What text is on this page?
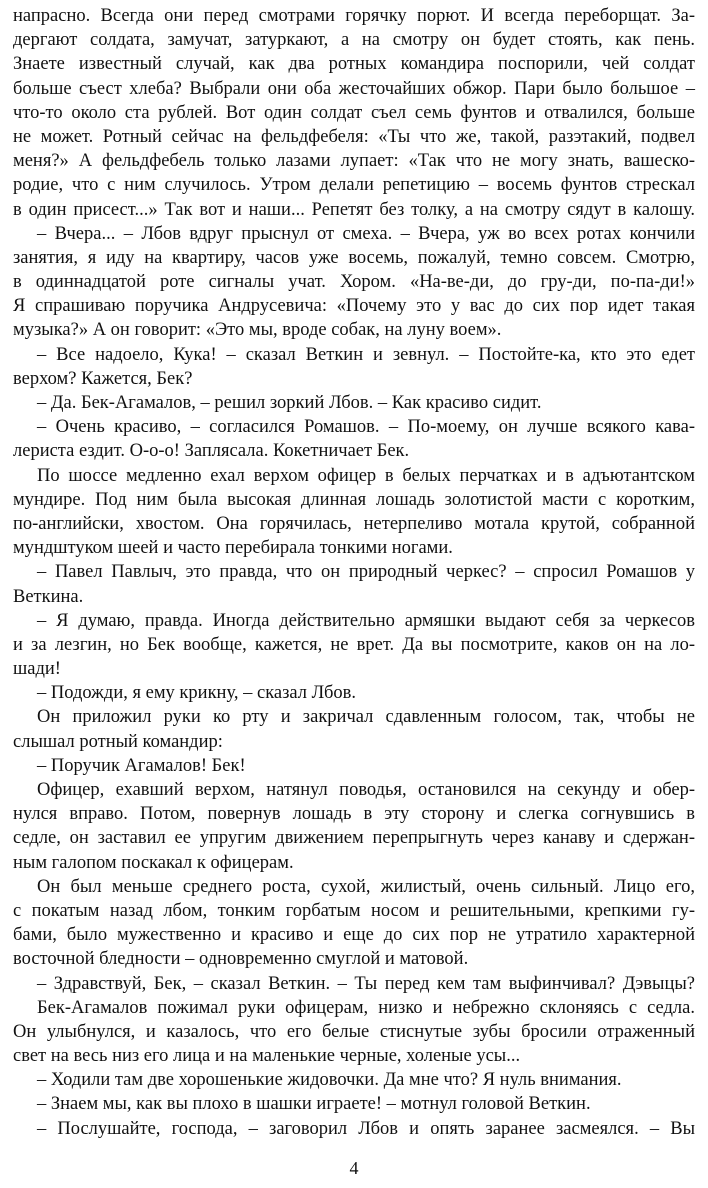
напрасно. Всегда они перед смотрами горячку порют. И всегда переборщат. За-
дергают солдата, замучат, затуркают, а на смотру он будет стоять, как пень.
Знаете известный случай, как два ротных командира поспорили, чей солдат
больше съест хлеба? Выбрали они оба жесточайших обжор. Пари было большое –
что-то около ста рублей. Вот один солдат съел семь фунтов и отвалился, больше
не может. Ротный сейчас на фельдфебеля: «Ты что же, такой, разэтакий, подвел
меня?» А фельдфебель только лазами лупает: «Так что не могу знать, вашеско-
родие, что с ним случилось. Утром делали репетицию – восемь фунтов стрескал
в один присест...» Так вот и наши... Репетят без толку, а на смотру сядут в калошу.
– Вчера... – Лбов вдруг прыснул от смеха. – Вчера, уж во всех ротах кончили
занятия, я иду на квартиру, часов уже восемь, пожалуй, темно совсем. Смотрю,
в одиннадцатой роте сигналы учат. Хором. «На-ве-ди, до гру-ди, по-па-ди!»
Я спрашиваю поручика Андрусевича: «Почему это у вас до сих пор идет такая
музыка?» А он говорит: «Это мы, вроде собак, на луну воем».
– Все надоело, Кука! – сказал Веткин и зевнул. – Постойте-ка, кто это едет
верхом? Кажется, Бек?
– Да. Бек-Агамалов, – решил зоркий Лбов. – Как красиво сидит.
– Очень красиво, – согласился Ромашов. – По-моему, он лучше всякого кава-
лериста ездит. О-о-о! Заплясала. Кокетничает Бек.
По шоссе медленно ехал верхом офицер в белых перчатках и в адъютантском
мундире. Под ним была высокая длинная лошадь золотистой масти с коротким,
по-английски, хвостом. Она горячилась, нетерпеливо мотала крутой, собранной
мундштуком шеей и часто перебирала тонкими ногами.
– Павел Павлыч, это правда, что он природный черкес? – спросил Ромашов у
Веткина.
– Я думаю, правда. Иногда действительно армяшки выдают себя за черкесов
и за лезгин, но Бек вообще, кажется, не врет. Да вы посмотрите, каков он на ло-
шади!
– Подожди, я ему крикну, – сказал Лбов.
Он приложил руки ко рту и закричал сдавленным голосом, так, чтобы не
слышал ротный командир:
– Поручик Агамалов! Бек!
Офицер, ехавший верхом, натянул поводья, остановился на секунду и обер-
нулся вправо. Потом, повернув лошадь в эту сторону и слегка согнувшись в
седле, он заставил ее упругим движением перепрыгнуть через канаву и сдержан-
ным галопом поскакал к офицерам.
Он был меньше среднего роста, сухой, жилистый, очень сильный. Лицо его,
с покатым назад лбом, тонким горбатым носом и решительными, крепкими гу-
бами, было мужественно и красиво и еще до сих пор не утратило характерной
восточной бледности – одновременно смуглой и матовой.
– Здравствуй, Бек, – сказал Веткин. – Ты перед кем там выфинчивал? Дэвыцы?
Бек-Агамалов пожимал руки офицерам, низко и небрежно склоняясь с седла.
Он улыбнулся, и казалось, что его белые стиснутые зубы бросили отраженный
свет на весь низ его лица и на маленькие черные, холеные усы...
– Ходили там две хорошенькие жидовочки. Да мне что? Я нуль внимания.
– Знаем мы, как вы плохо в шашки играете! – мотнул головой Веткин.
– Послушайте, господа, – заговорил Лбов и опять заранее засмеялся. – Вы
4
